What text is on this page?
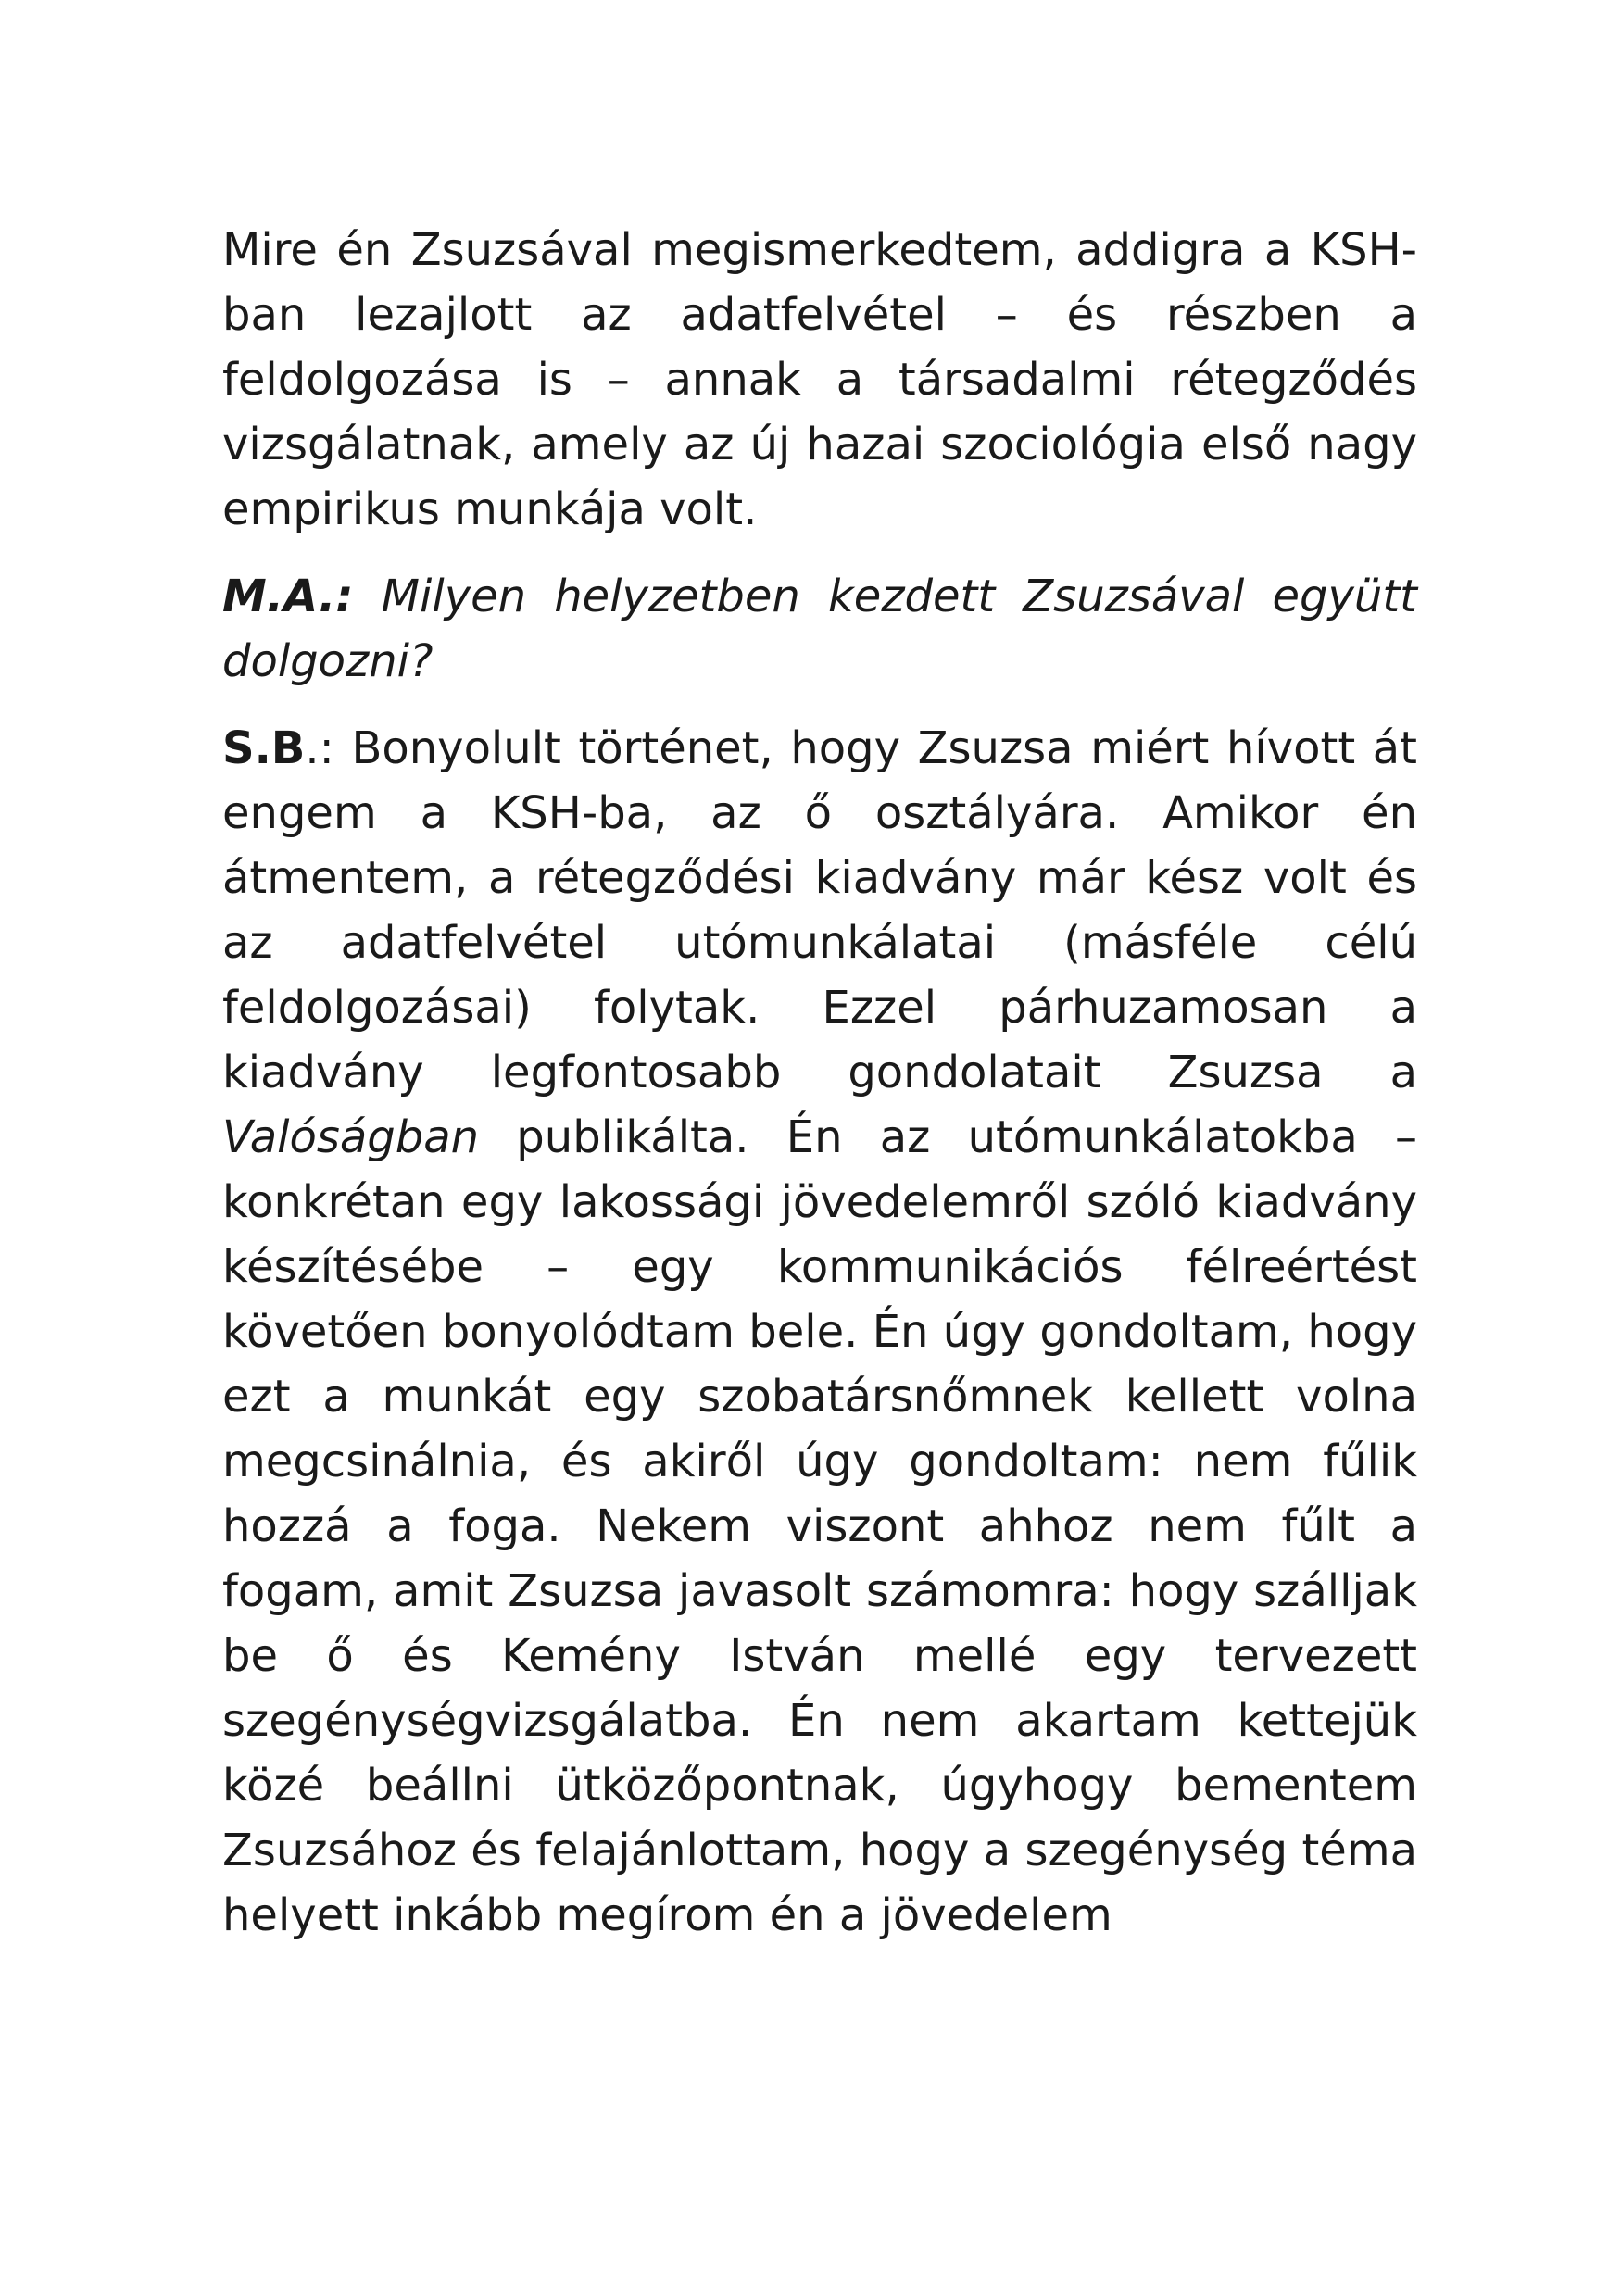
Mire én Zsuzsával megismerkedtem, addigra a KSH-ban lezajlott az adatfelvétel – és részben a feldolgozása is – annak a társadalmi rétegződés vizsgálatnak, amely az új hazai szociológia első nagy empirikus munkája volt.

M.A.: Milyen helyzetben kezdett Zsuzsával együtt dolgozni?

S.B.: Bonyolult történet, hogy Zsuzsa miért hívott át engem a KSH-ba, az ő osztályára. Amikor én átmentem, a rétegződési kiadvány már kész volt és az adatfelvétel utómunkálatai (másféle célú feldolgozásai) folytak. Ezzel párhuzamosan a kiadvány legfontosabb gondolatait Zsuzsa a Valóságban publikálta. Én az utómunkálatokba – konkrétan egy lakossági jövedelemről szóló kiadvány készítésébe – egy kommunikációs félreértést követően bonyolódtam bele. Én úgy gondoltam, hogy ezt a munkát egy szobatársnőmnek kellett volna megcsinálnia, és akiről úgy gondoltam: nem fűlik hozzá a foga. Nekem viszont ahhoz nem fűlt a fogam, amit Zsuzsa javasolt számomra: hogy szálljak be ő és Kemény István mellé egy tervezett szegénységvizsgálatba. Én nem akartam kettejük közé beállni ütközőpontnak, úgyhogy bementem Zsuzsához és felajánlottam, hogy a szegénység téma helyett inkább megírom én a jövedelem
